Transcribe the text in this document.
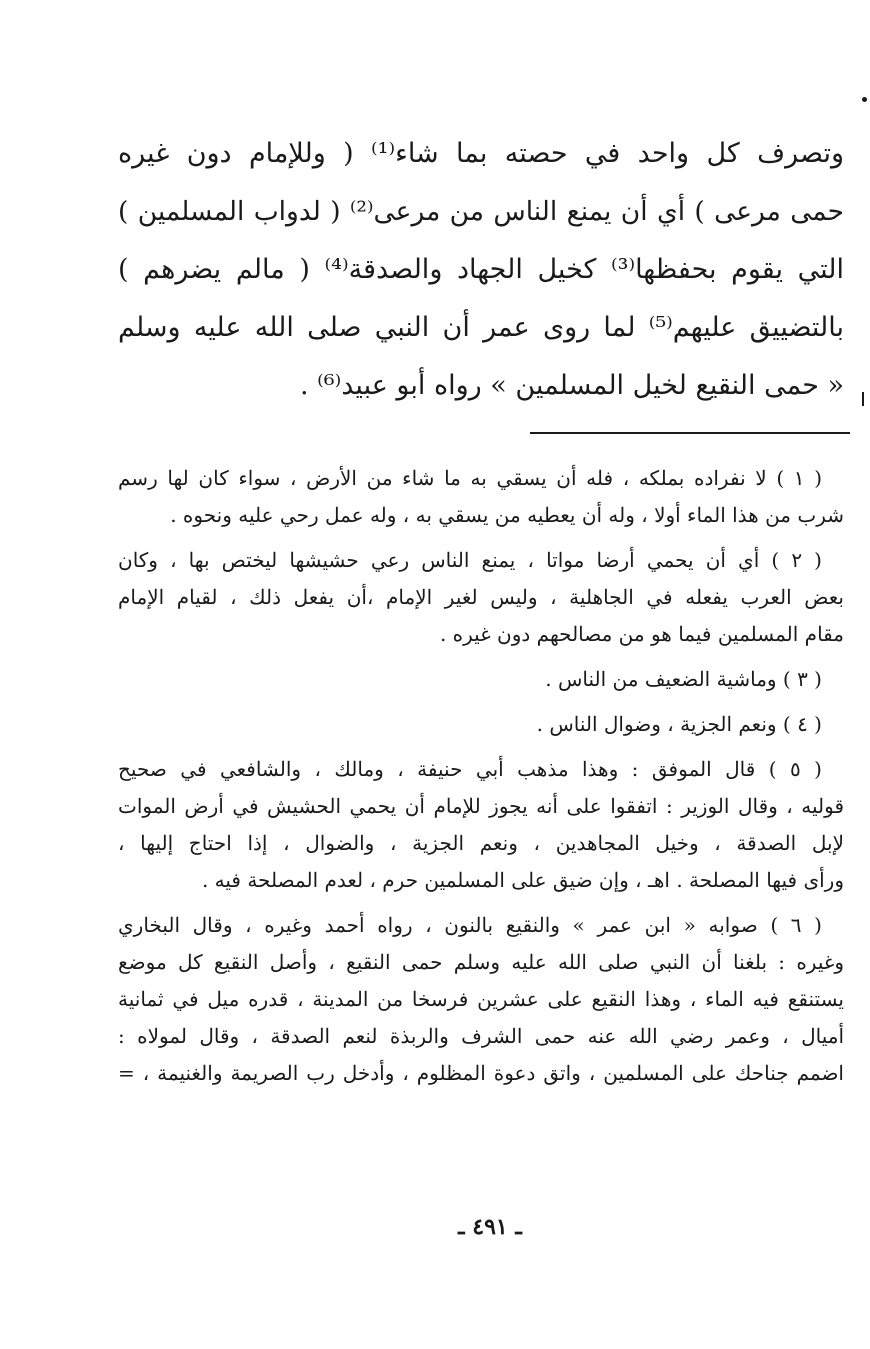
وتصرف كل واحد في حصته بما شاء⁽¹⁾ ( وللإمام دون غيره
حمى مرعى ) أي أن يمنع الناس من مرعى⁽²⁾ ( لدواب المسلمين )
التي يقوم بحفظها⁽³⁾ كخيل الجهاد والصدقة⁽⁴⁾ ( مالم يضرهم )
بالتضييق عليهم⁽⁵⁾ لما روى عمر أن النبي صلى الله عليه وسلم
« حمى النقيع لخيل المسلمين » رواه أبو عبيد⁽⁶⁾ .
( ١ ) لا نفراده بملكه ، فله أن يسقي به ما شاء من الأرض ، سواء كان لها رسم
شرب من هذا الماء أولا ، وله أن يعطيه من يسقي به ، وله عمل رحي عليه ونحوه .
( ٢ ) أي أن يحمي أرضا مواتا ، يمنع الناس رعي حشيشها ليختص بها ، وكان
بعض العرب يفعله في الجاهلية ، وليس لغير الإمام ،أن يفعل ذلك ، لقيام الإمام
مقام المسلمين فيما هو من مصالحهم دون غيره .
( ٣ ) وماشية الضعيف من الناس .
( ٤ ) ونعم الجزية ، وضوال الناس .
( ٥ ) قال الموفق : وهذا مذهب أبي حنيفة ، ومالك ، والشافعي في صحيح
قوليه ، وقال الوزير : اتفقوا على أنه يجوز للإمام أن يحمي الحشيش في أرض الموات
لإبل الصدقة ، وخيل المجاهدين ، ونعم الجزية ، والضوال ، إذا احتاج إليها ،
ورأى فيها المصلحة . اهـ ، وإن ضيق على المسلمين حرم ، لعدم المصلحة فيه .
( ٦ ) صوابه « ابن عمر » والنقيع بالنون ، رواه أحمد وغيره ، وقال البخاري
وغيره : بلغنا أن النبي صلى الله عليه وسلم حمى النقيع ، وأصل النقيع كل موضع
يستنقع فيه الماء ، وهذا النقيع على عشرين فرسخا من المدينة ، قدره ميل في ثمانية
أميال ، وعمر رضي الله عنه حمى الشرف والربذة لنعم الصدقة ، وقال لمولاه :
اضمم جناحك على المسلمين ، واتق دعوة المظلوم ، وأدخل رب الصريمة والغنيمة ، =
ـ ٤٩١ ـ
